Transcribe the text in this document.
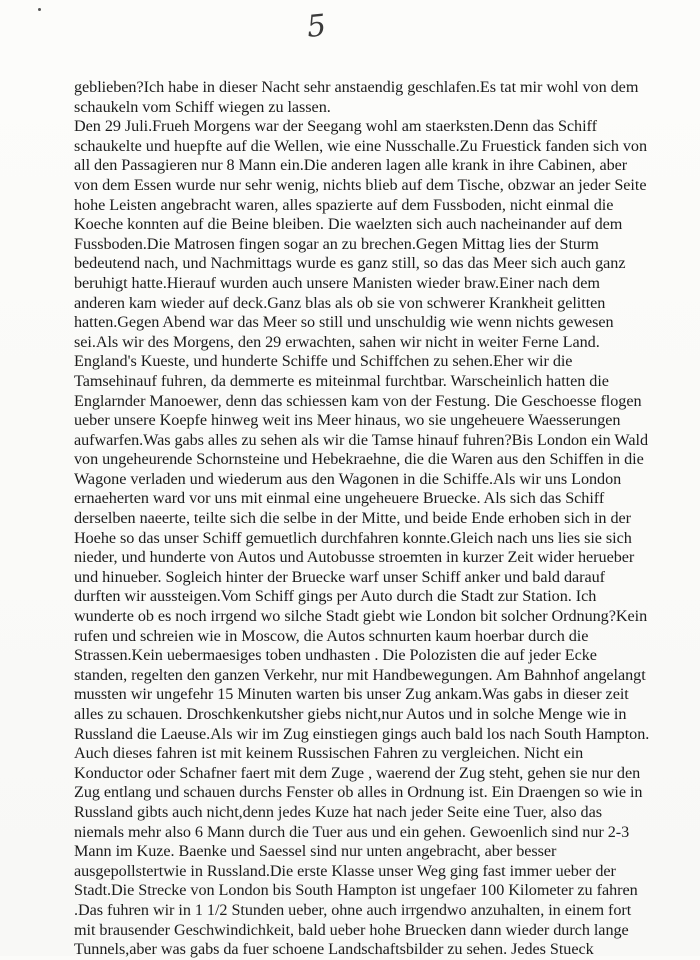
5
geblieben?Ich habe in dieser Nacht sehr anstaendig geschlafen.Es tat mir wohl von dem
schaukeln vom Schiff wiegen zu lassen.
Den 29 Juli.Frueh Morgens war der Seegang wohl am staerksten.Denn das Schiff
schaukelte und huepfte auf die Wellen, wie eine Nusschalle.Zu Fruestick fanden sich von
all den Passagieren nur 8 Mann ein.Die anderen lagen alle krank in ihre Cabinen, aber
von dem Essen wurde nur sehr wenig, nichts blieb auf dem Tische, obzwar an jeder Seite
hohe Leisten angebracht waren, alles spazierte auf dem Fussboden, nicht einmal die
Koeche konnten auf die Beine bleiben. Die waelzten sich auch nacheinander auf dem
Fussboden.Die Matrosen fingen sogar an zu brechen.Gegen Mittag lies der Sturm
bedeutend nach, und Nachmittags wurde es ganz still, so das das Meer sich auch ganz
beruhigt hatte.Hierauf wurden auch unsere Manisten wieder braw.Einer nach dem
anderen kam wieder auf deck.Ganz blas als ob sie von schwerer Krankheit gelitten
hatten.Gegen Abend war das Meer so still und unschuldig wie wenn nichts gewesen
sei.Als wir des Morgens, den 29 erwachten, sahen wir nicht in weiter Ferne Land.
England's Kueste, und hunderte Schiffe und Schiffchen zu sehen.Eher wir die
Tamsehinauf fuhren, da demmerte es miteinmal furchtbar. Warscheinlich hatten die
Englarnder Manoewer, denn das schiessen kam von der Festung. Die Geschoesse flogen
ueber unsere Koepfe hinweg weit ins Meer hinaus, wo sie ungeheuere Waesserungen
aufwarfen.Was gabs alles zu sehen als wir die Tamse hinauf fuhren?Bis London ein Wald
von ungeheurende Schornsteine und Hebekraehne, die die Waren aus den Schiffen in die
Wagone verladen und wiederum aus den Wagonen in die Schiffe.Als wir uns London
ernaeherten ward vor uns mit einmal eine ungeheuere Bruecke. Als sich das Schiff
derselben naeerte, teilte sich die selbe in der Mitte, und beide Ende erhoben sich in der
Hoehe so das unser Schiff gemuetlich durchfahren konnte.Gleich nach uns lies sie sich
nieder, und hunderte von Autos und Autobusse stroemten in kurzer Zeit wider herueber
und hinueber. Sogleich hinter der Bruecke warf unser Schiff anker und bald darauf
durften wir aussteigen.Vom Schiff gings per Auto durch die Stadt zur Station. Ich
wunderte ob es noch irrgend wo silche Stadt giebt wie London bit solcher Ordnung?Kein
rufen und schreien wie in Moscow, die Autos schnurten kaum hoerbar durch die
Strassen.Kein uebermaesiges toben undhasten . Die Polozisten die auf jeder Ecke
standen, regelten den ganzen Verkehr, nur mit Handbewegungen. Am Bahnhof angelangt
mussten wir ungefehr 15 Minuten warten bis unser Zug ankam.Was gabs in dieser zeit
alles zu schauen. Droschkenkutsher giebs nicht,nur Autos und in solche Menge wie in
Russland die Laeuse.Als wir im Zug einstiegen gings auch bald los nach South Hampton.
Auch dieses fahren ist mit keinem Russischen Fahren zu vergleichen. Nicht ein
Konductor oder Schafner faert mit dem Zuge , waerend der Zug steht, gehen sie nur den
Zug entlang und schauen durchs Fenster ob alles in Ordnung ist. Ein Draengen so wie in
Russland gibts auch nicht,denn jedes Kuze hat nach jeder Seite eine Tuer, also das
niemals mehr also 6 Mann durch die Tuer aus und ein gehen. Gewoenlich sind nur 2-3
Mann im Kuze. Baenke und Saessel sind nur unten angebracht, aber besser
ausgepollstertwie in Russland.Die erste Klasse unser Weg ging fast immer ueber der
Stadt.Die Strecke von London bis South Hampton ist ungefaer 100 Kilometer zu fahren
.Das fuhren wir in 1 1/2 Stunden ueber, ohne auch irrgendwo anzuhalten, in einem fort
mit brausender Geschwindichkeit, bald ueber hohe Bruecken dann wieder durch lange
Tunnels,aber was gabs da fuer schoene Landschaftsbilder zu sehen. Jedes Stueck
